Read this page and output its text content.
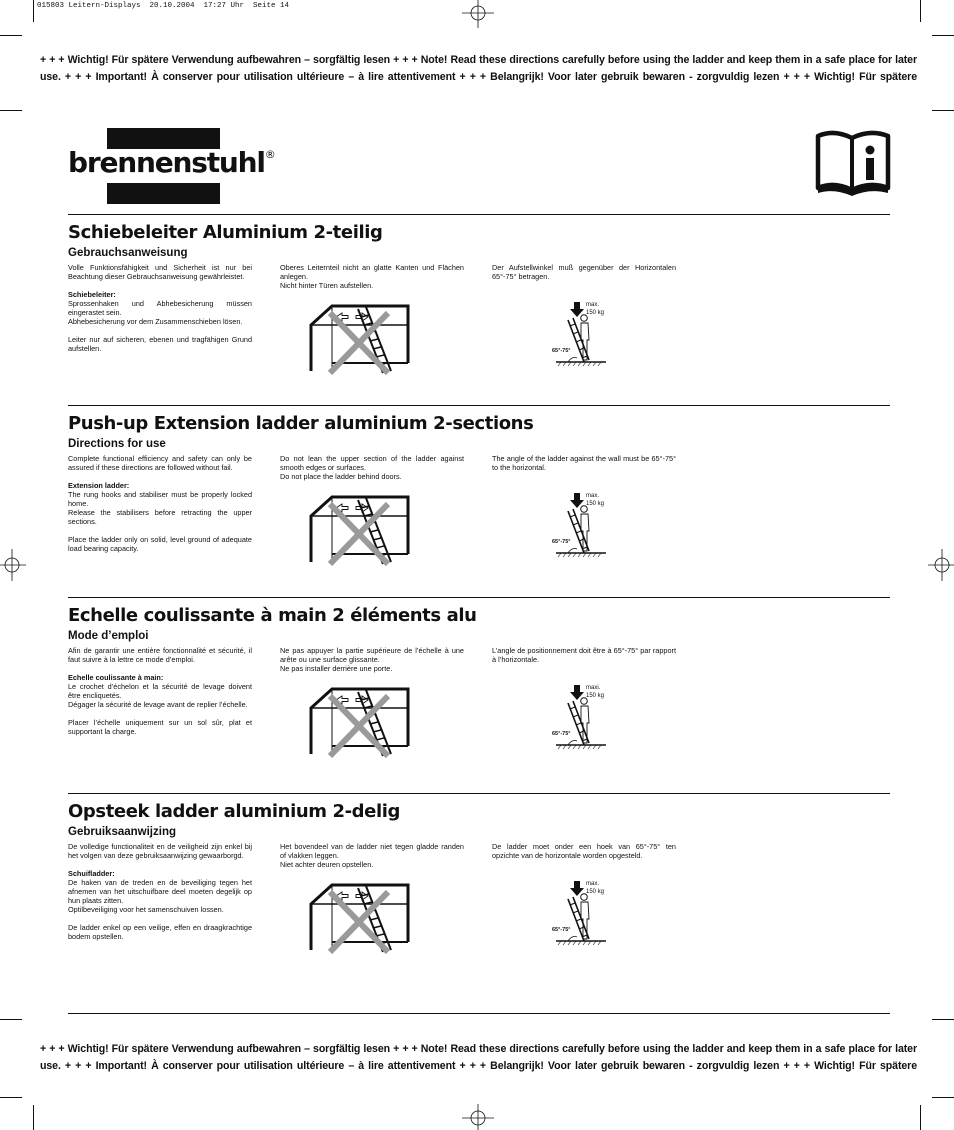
015803 Leitern-Displays  20.10.2004  17:27 Uhr  Seite 14
+ + + Wichtig! Für spätere Verwendung aufbewahren – sorgfältig lesen + + + Note! Read these directions carefully before using the ladder and keep them in a safe place for later
use. + + + Important! À conserver pour utilisation ultérieure – à lire attentivement + + + Belangrijk! Voor later gebruik bewaren - zorgvuldig lezen + + + Wichtig! Für spätere
brennenstuhl®
Schiebeleiter Aluminium 2-teilig
Gebrauchsanweisung

Volle Funktionsfähigkeit und Sicherheit ist nur bei Beachtung dieser Gebrauchsanweisung gewährleistet.

Schiebeleiter:
Sprossenhaken und Abhebesicherung müssen eingerastet sein.
Abhebesicherung vor dem Zusammenschieben lösen.

Leiter nur auf sicheren, ebenen und tragfähigen Grund aufstellen.

Oberes Leiternteil nicht an glatte Kanten und Flächen anlegen.
Nicht hinter Türen aufstellen.
Der Aufstellwinkel muß gegenüber der Horizontalen 65°-75° betragen.
max.
150 kg
65°-75°
Push-up Extension ladder aluminium 2-sections
Directions for use

Complete functional efficiency and safety can only be assured if these directions are followed without fail.

Extension ladder:
The rung hooks and stabiliser must be properly locked home.
Release the stabilisers before retracting the upper sections.

Place the ladder only on solid, level ground of adequate load bearing capacity.

Do not lean the upper section of the ladder against smooth edges or surfaces.
Do not place the ladder behind doors.
The angle of the ladder against the wall must be 65°-75° to the horizontal.
max.
150 kg
65°-75°
Echelle coulissante à main 2 éléments alu
Mode d’emploi

Afin de garantir une entière fonctionnalité et sécurité, il faut suivre à la lettre ce mode d’emploi.

Echelle coulissante à main:
Le crochet d’échelon et la sécurité de levage doivent être encliquetés.
Dégager la sécurité de levage avant de replier l’échelle.

Placer l’échelle uniquement sur un sol sûr, plat et supportant la charge.

Ne pas appuyer la partie supérieure de l’échelle à une arête ou une surface glissante.
Ne pas installer derrière une porte.
L’angle de positionnement doit être à 65°-75° par rapport à l’horizontale.
maxi.
150 kg
65°-75°
Opsteek ladder aluminium 2-delig
Gebruiksaanwijzing

De volledige functionaliteit en de veiligheid zijn enkel bij het volgen van deze gebruiksaanwijzing gewaarborgd.

Schuifladder:
De haken van de treden en de beveiliging tegen het afnemen van het uitschuifbare deel moeten degelijk op hun plaats zitten.
Optilbeveiliging voor het samenschuiven lossen.

De ladder enkel op een veilige, effen en draagkrachtige bodem opstellen.

Het bovendeel van de ladder niet tegen gladde randen of vlakken leggen.
Niet achter deuren opstellen.
De ladder moet onder een hoek van 65°-75° ten opzichte van de horizontale worden opgesteld.
max.
150 kg
65°-75°
+ + + Wichtig! Für spätere Verwendung aufbewahren – sorgfältig lesen + + + Note! Read these directions carefully before using the ladder and keep them in a safe place for later
use. + + + Important! À conserver pour utilisation ultérieure – à lire attentivement + + + Belangrijk! Voor later gebruik bewaren - zorgvuldig lezen + + + Wichtig! Für spätere
